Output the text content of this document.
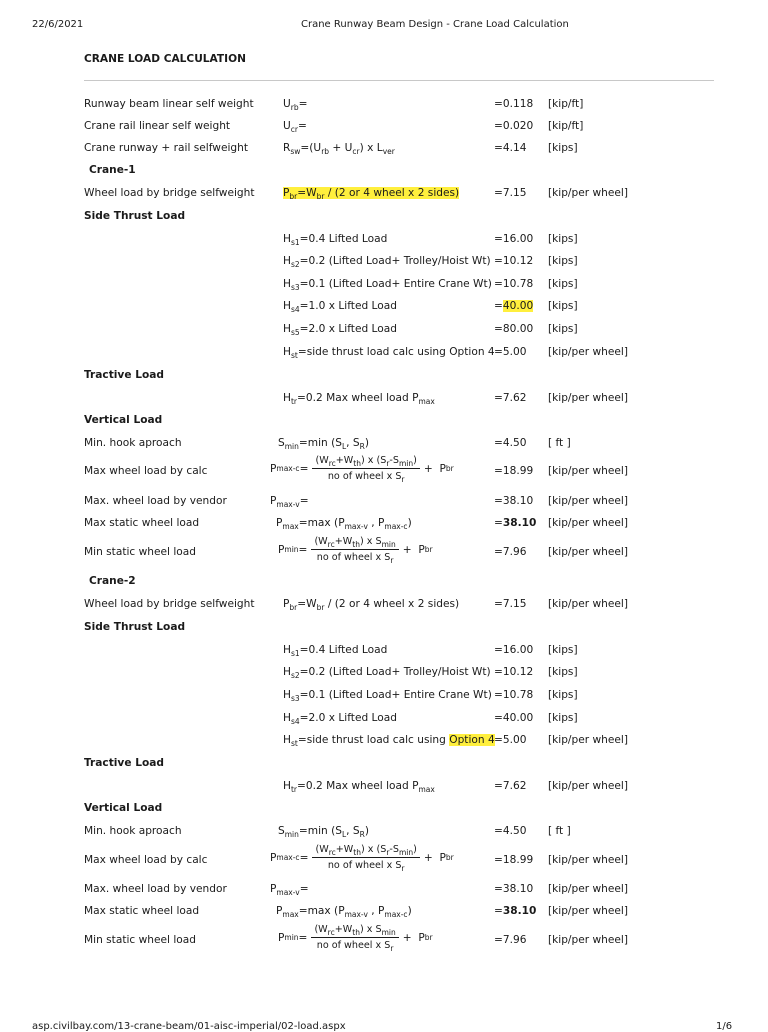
22/6/2021	Crane Runway Beam Design - Crane Load Calculation
CRANE LOAD CALCULATION
Runway beam linear self weight	$U_{rb}=$	=0.118 [kip/ft]
Crane rail linear self weight	$U_{cr}=$	=0.020 [kip/ft]
Crane runway + rail selfweight	$R_{sw}=(U_{rb} + U_{cr})$ x $L_{ver}$	=4.14 [kips]
Crane-1
Wheel load by bridge selfweight	$P_{br}=W_{br} / (2$ or 4 wheel x 2 sides)	=7.15 [kip/per wheel]
Side Thrust Load
$H_{s1}=0.4$ Lifted Load	=16.00 [kips]
$H_{s2}=0.2$ (Lifted Load+ Trolley/Hoist Wt) =10.12 [kips]
$H_{s3}=0.1$ (Lifted Load+ Entire Crane Wt) =10.78 [kips]
$H_{s4}=1.0$ x Lifted Load	=40.00 [kips]
$H_{s5}=2.0$ x Lifted Load	=80.00 [kips]
$H_{st}=side$ thrust load calc using Option 4 =5.00 [kip/per wheel]
Tractive Load
$H_{tr}=0.2$ Max wheel load $P_{max}$	=7.62 [kip/per wheel]
Vertical Load
Min. hook aproach	$S_{min}=\min$ ($S_L$, $S_R$)	=4.50 [ ft ]
Max wheel load by calc	P $\max-c = \frac{(W_{rc}+W_{th}) x (S_r-S_{min})}{no of wheel x S_r} + P$ br	=18.99 [kip/per wheel]
Max. wheel load by vendor	$P_{max-v}=$	=38.10 [kip/per wheel]
Max static wheel load	$P_{max}=\max$ ($P_{max-v}$ , $P_{max-c}$)	=38.10 [kip/per wheel]
Min static wheel load	P $\min = \frac{(W_{rc}+W_{th}) x S_{min}}{no of wheel x S_r} + P$ br	=7.96 [kip/per wheel]
Crane-2
Wheel load by bridge selfweight	$P_{br}=W_{br} / (2$ or 4 wheel x 2 sides)	=7.15 [kip/per wheel]
Side Thrust Load
$H_{s1}=0.4$ Lifted Load	=16.00 [kips]
$H_{s2}=0.2$ (Lifted Load+ Trolley/Hoist Wt) =10.12 [kips]
$H_{s3}=0.1$ (Lifted Load+ Entire Crane Wt) =10.78 [kips]
$H_{s4}=2.0$ x Lifted Load	=40.00 [kips]
$H_{st}=side$ thrust load calc using Option 4 =5.00 [kip/per wheel]
Tractive Load
$H_{tr}=0.2$ Max wheel load $P_{max}$	=7.62 [kip/per wheel]
Vertical Load
Min. hook aproach	$S_{min}=\min$ ($S_L$, $S_R$)	=4.50 [ ft ]
Max wheel load by calc	P $\max-c = \frac{(W_{rc}+W_{th}) x (S_r-S_{min})}{no of wheel x S_r} + P$ br	=18.99 [kip/per wheel]
Max. wheel load by vendor	$P_{max-v}=$	=38.10 [kip/per wheel]
Max static wheel load	$P_{max}=\max$ ($P_{max-v}$ , $P_{max-c}$)	=38.10 [kip/per wheel]
Min static wheel load	P $\min = \frac{(W_{rc}+W_{th}) x S_{min}}{no of wheel x S_r} + P$ br	=7.96 [kip/per wheel]
asp.civilbay.com/13-crane-beam/01-aisc-imperial/02-load.aspx	1/6
